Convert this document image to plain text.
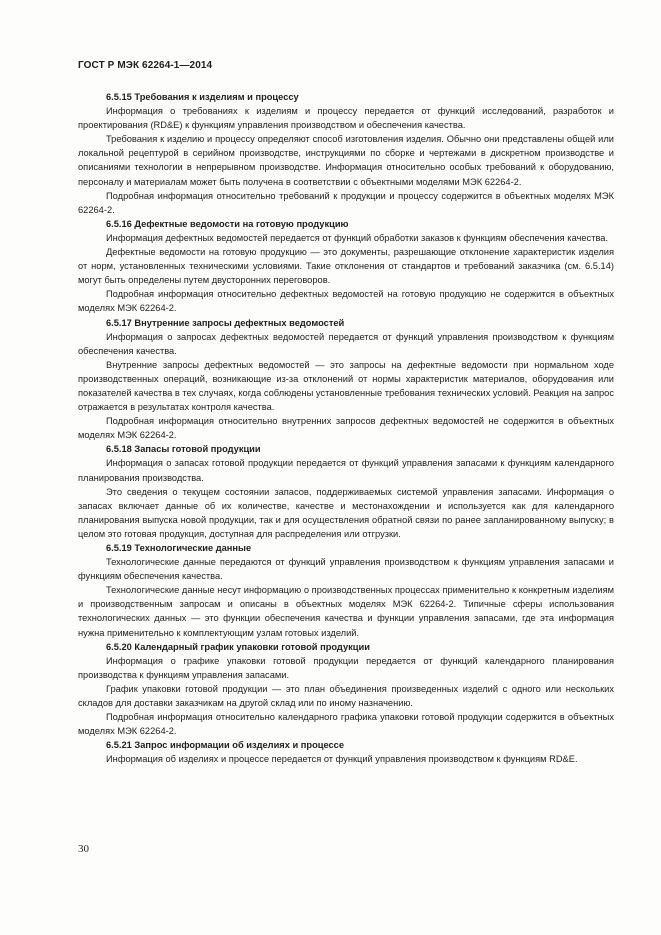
ГОСТ Р МЭК 62264-1—2014

6.5.15 Требования к изделиям и процессу

Информация о требованиях к изделиям и процессу передается от функций исследований, разработок и проектирования (RD&E) к функциям управления производством и обеспечения качества.

Требования к изделию и процессу определяют способ изготовления изделия. Обычно они представлены общей или локальной рецептурой в серийном производстве, инструкциями по сборке и чертежами в дискретном производстве и описаниями технологии в непрерывном производстве. Информация относительно особых требований к оборудованию, персоналу и материалам может быть получена в соответствии с объектными моделями МЭК 62264-2.

Подробная информация относительно требований к продукции и процессу содержится в объектных моделях МЭК 62264-2.

6.5.16 Дефектные ведомости на готовую продукцию

Информация дефектных ведомостей передается от функций обработки заказов к функциям обеспечения качества.

Дефектные ведомости на готовую продукцию — это документы, разрешающие отклонение характеристик изделия от норм, установленных техническими условиями. Такие отклонения от стандартов и требований заказчика (см. 6.5.14) могут быть определены путем двусторонних переговоров.

Подробная информация относительно дефектных ведомостей на готовую продукцию не содержится в объектных моделях МЭК 62264-2.

6.5.17 Внутренние запросы дефектных ведомостей

Информация о запросах дефектных ведомостей передается от функций управления производством к функциям обеспечения качества.

Внутренние запросы дефектных ведомостей — это запросы на дефектные ведомости при нормальном ходе производственных операций, возникающие из-за отклонений от нормы характеристик материалов, оборудования или показателей качества в тех случаях, когда соблюдены установленные требования технических условий. Реакция на запрос отражается в результатах контроля качества.

Подробная информация относительно внутренних запросов дефектных ведомостей не содержится в объектных моделях МЭК 62264-2.

6.5.18 Запасы готовой продукции

Информация о запасах готовой продукции передается от функций управления запасами к функциям календарного планирования производства.

Это сведения о текущем состоянии запасов, поддерживаемых системой управления запасами. Информация о запасах включает данные об их количестве, качестве и местонахождении и используется как для календарного планирования выпуска новой продукции, так и для осуществления обратной связи по ранее запланированному выпуску; в целом это готовая продукция, доступная для распределения или отгрузки.

6.5.19 Технологические данные

Технологические данные передаются от функций управления производством к функциям управления запасами и функциям обеспечения качества.

Технологические данные несут информацию о производственных процессах применительно к конкретным изделиям и производственным запросам и описаны в объектных моделях МЭК 62264-2. Типичные сферы использования технологических данных — это функции обеспечения качества и функции управления запасами, где эта информация нужна применительно к комплектующим узлам готовых изделий.

6.5.20 Календарный график упаковки готовой продукции

Информация о графике упаковки готовой продукции передается от функций календарного планирования производства к функциям управления запасами.

График упаковки готовой продукции — это план объединения произведенных изделий с одного или нескольких складов для доставки заказчикам на другой склад или по иному назначению.

Подробная информация относительно календарного графика упаковки готовой продукции содержится в объектных моделях МЭК 62264-2.

6.5.21 Запрос информации об изделиях и процессе

Информация об изделиях и процессе передается от функций управления производством к функциям RD&E.

30
